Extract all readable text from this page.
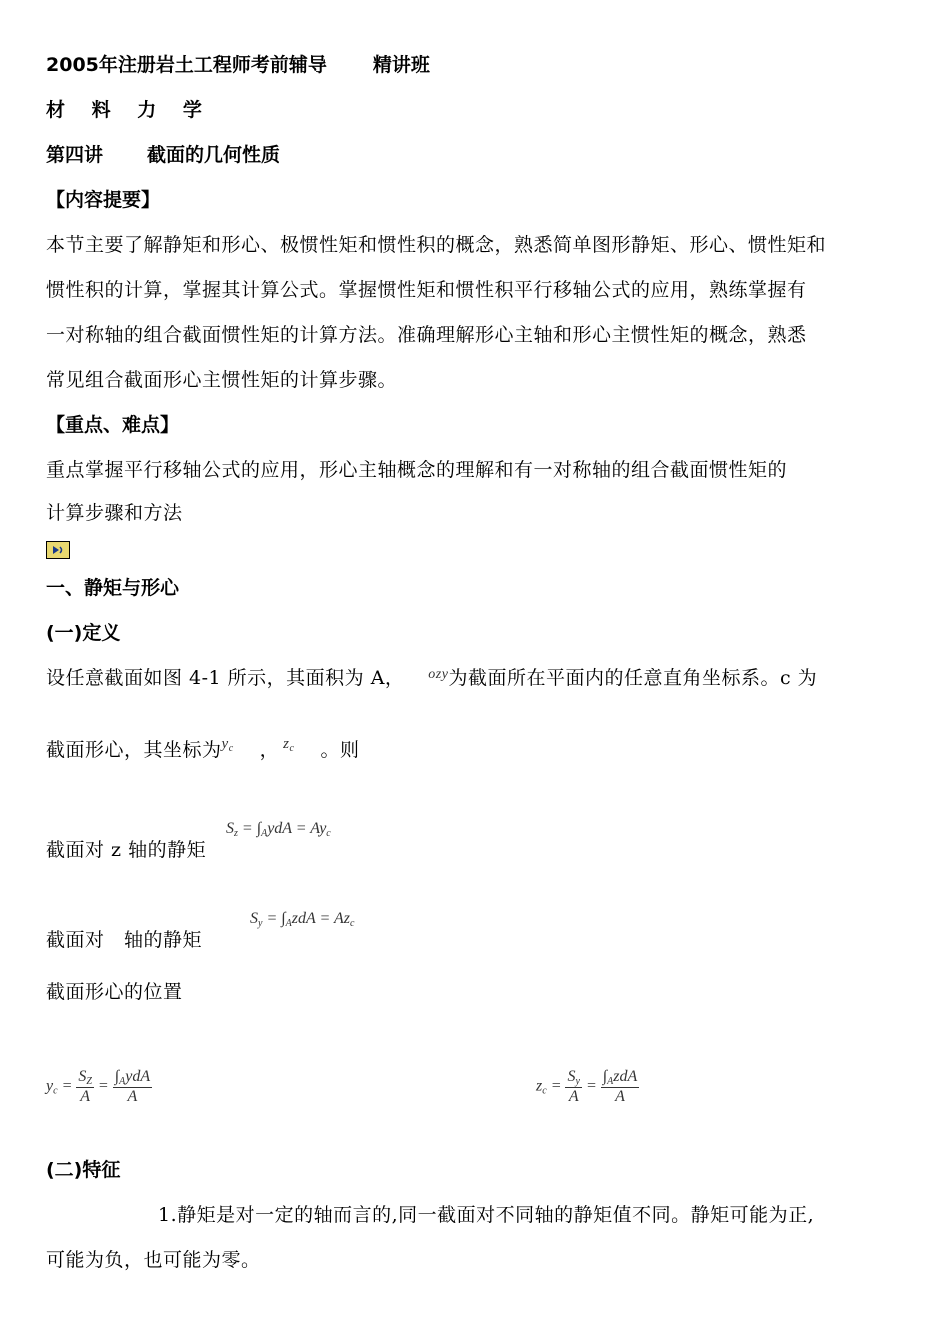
2005年注册岩土工程师考前辅导 精讲班
材 料 力 学
第四讲 截面的几何性质
【内容提要】
本节主要了解静矩和形心、极惯性矩和惯性积的概念，熟悉简单图形静矩、形心、惯性矩和
惯性积的计算，掌握其计算公式。掌握惯性矩和惯性积平行移轴公式的应用，熟练掌握有
一对称轴的组合截面惯性矩的计算方法。准确理解形心主轴和形心主惯性矩的概念，熟悉
常见组合截面形心主惯性矩的计算步骤。
【重点、难点】
重点掌握平行移轴公式的应用，形心主轴概念的理解和有一对称轴的组合截面惯性矩的
计算步骤和方法
一、静矩与形心
(一)定义
设任意截面如图 4-1 所示，其面积为 A， ozy为截面所在平面内的任意直角坐标系。c 为
截面形心，其坐标为$^{y_c}$ ， $^{z_c}$ 。则
截面对 z 轴的静矩
$S_z = \int_AydA = Ay_c$
截面对　轴的静矩
$S_y = \int_AzdA = Az_c$
截面形心的位置
$y_c = \frac{S_Z}{A} = \frac{\int_AydA}{A}$	$z_c = \frac{S_y}{A} = \frac{\int_AzdA}{A}$
(二)特征
1.静矩是对一定的轴而言的,同一截面对不同轴的静矩值不同。静矩可能为正,
可能为负，也可能为零。
